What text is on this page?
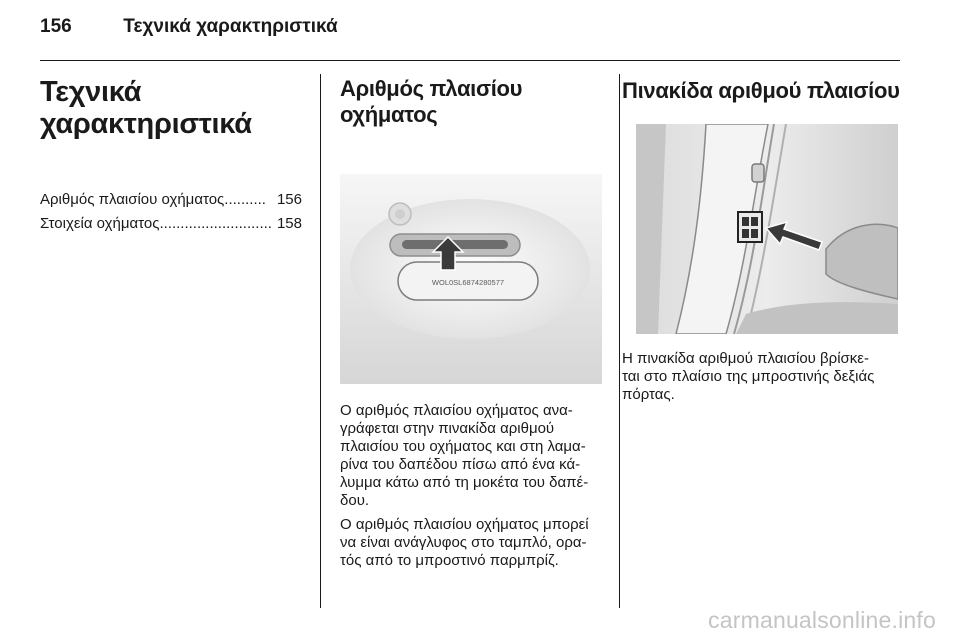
156	Τεχνικά χαρακτηριστικά
Τεχνικά
χαρακτηριστικά
Αριθμός πλαισίου οχήματος .......... 156
Στοιχεία οχήματος ........................... 158
Αριθμός πλαισίου
οχήματος
WOL0SL6874280577

Ο αριθμός πλαισίου οχήματος ανα-
γράφεται στην πινακίδα αριθμού
πλαισίου του οχήματος και στη λαμα-
ρίνα του δαπέδου πίσω από ένα κά-
λυμμα κάτω από τη μοκέτα του δαπέ-
δου.

Ο αριθμός πλαισίου οχήματος μπορεί
να είναι ανάγλυφος στο ταμπλό, ορα-
τός από το μπροστινό παρμπρίζ.

Πινακίδα αριθμού πλαισίου

Η πινακίδα αριθμού πλαισίου βρίσκε-
ται στο πλαίσιο της μπροστινής δεξιάς
πόρτας.

carmanualsonline.info
